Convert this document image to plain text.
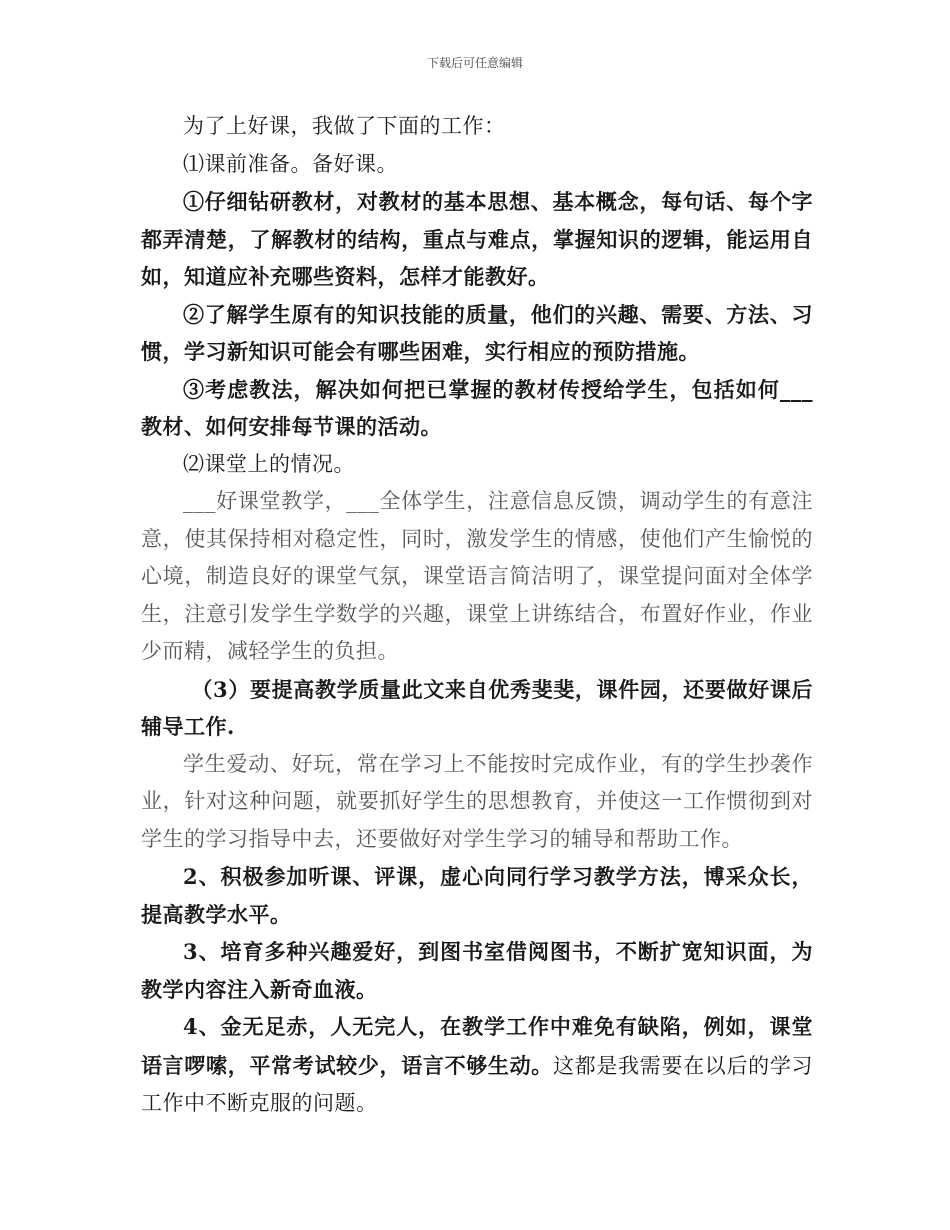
下载后可任意编辑

为了上好课，我做了下面的工作：

⑴课前准备。备好课。

①仔细钻研教材，对教材的基本思想、基本概念，每句话、每个字都弄清楚，了解教材的结构，重点与难点，掌握知识的逻辑，能运用自如，知道应补充哪些资料，怎样才能教好。

②了解学生原有的知识技能的质量，他们的兴趣、需要、方法、习惯，学习新知识可能会有哪些困难，实行相应的预防措施。

③考虑教法，解决如何把已掌握的教材传授给学生，包括如何___教材、如何安排每节课的活动。

⑵课堂上的情况。

___好课堂教学，___全体学生，注意信息反馈，调动学生的有意注意，使其保持相对稳定性，同时，激发学生的情感，使他们产生愉悦的心境，制造良好的课堂气氛，课堂语言简洁明了，课堂提问面对全体学生，注意引发学生学数学的兴趣，课堂上讲练结合，布置好作业，作业少而精，减轻学生的负担。

（3）要提高教学质量此文来自优秀斐斐，课件园，还要做好课后辅导工作.

学生爱动、好玩，常在学习上不能按时完成作业，有的学生抄袭作业，针对这种问题，就要抓好学生的思想教育，并使这一工作惯彻到对学生的学习指导中去，还要做好对学生学习的辅导和帮助工作。

2、积极参加听课、评课，虚心向同行学习教学方法，博采众长，提高教学水平。

3、培育多种兴趣爱好，到图书室借阅图书，不断扩宽知识面，为教学内容注入新奇血液。

4、金无足赤，人无完人，在教学工作中难免有缺陷，例如，课堂语言啰嗦，平常考试较少，语言不够生动。这都是我需要在以后的学习工作中不断克服的问题。
